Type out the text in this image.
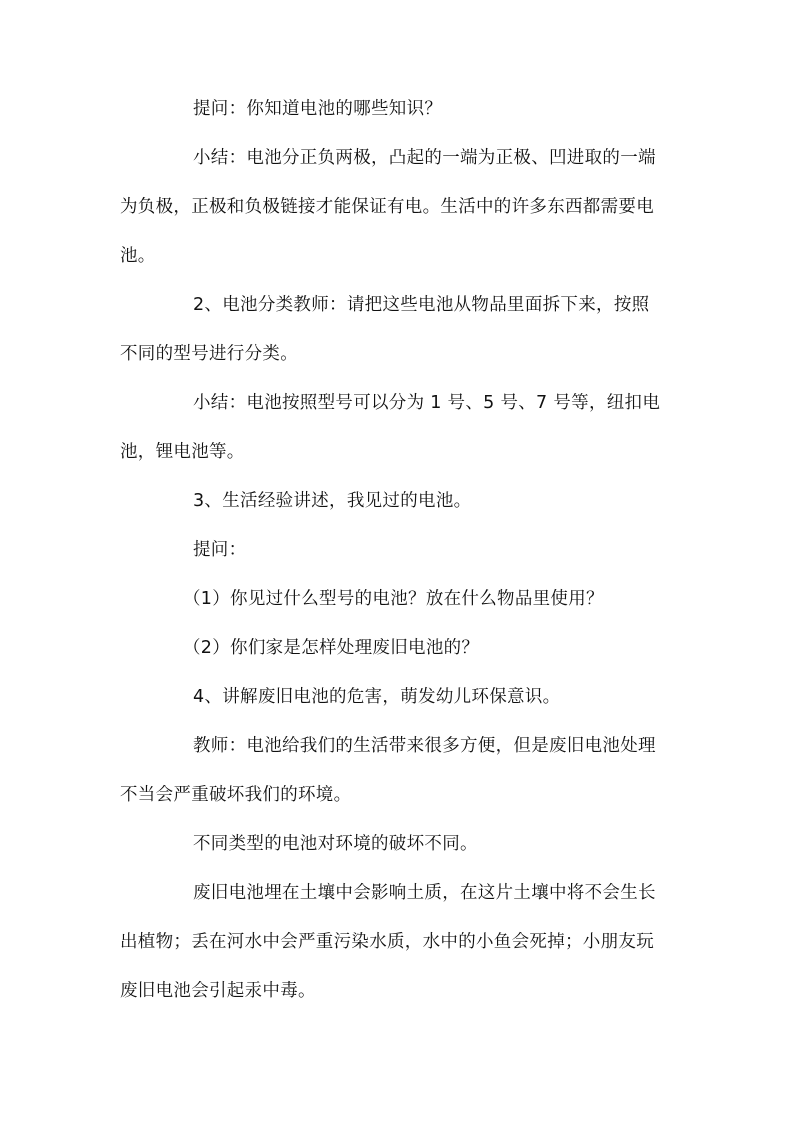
提问：你知道电池的哪些知识？
小结：电池分正负两极，凸起的一端为正极、凹进取的一端
为负极，正极和负极链接才能保证有电。生活中的许多东西都需要电
池。
2、电池分类教师：请把这些电池从物品里面拆下来，按照
不同的型号进行分类。
小结：电池按照型号可以分为 1 号、5 号、7 号等，纽扣电
池，锂电池等。
3、生活经验讲述，我见过的电池。
提问：
（1）你见过什么型号的电池？放在什么物品里使用？
（2）你们家是怎样处理废旧电池的？
4、讲解废旧电池的危害，萌发幼儿环保意识。
教师：电池给我们的生活带来很多方便，但是废旧电池处理
不当会严重破坏我们的环境。
不同类型的电池对环境的破坏不同。
废旧电池埋在土壤中会影响土质，在这片土壤中将不会生长
出植物；丢在河水中会严重污染水质，水中的小鱼会死掉；小朋友玩
废旧电池会引起汞中毒。
